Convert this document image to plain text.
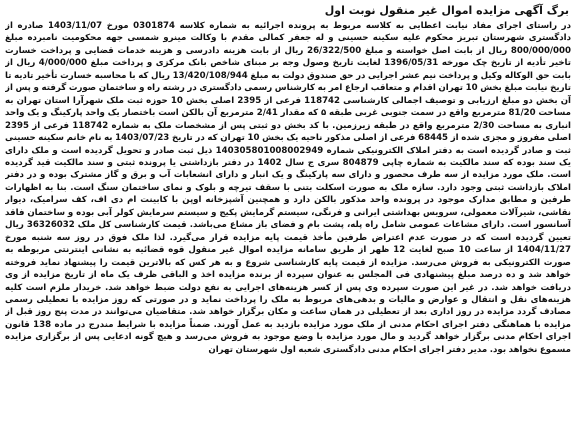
برگ آگهی مزایده اموال غیر منقول نوبت اول

در راستای اجرای مفاد نیابت اعطایی به کلاسه مربوط به پرونده اجرائیه به شماره کلاسه 0301874 مورخ 1403/11/07 صادره از دادگستری شهرستان تبریز محکوم علیه سکینه حسینی و له جعفر کمالی مقدم با وکالت مینرو شمسی جهه محکومیت نامبرده مبلغ 800/000/000 ریال از بابت اصل خواسته و مبلغ 26/322/500 ریال از بابت هزینه دادرسی و هزینه خدمات قضایی و پرداخت خسارت تاخیر تأدیه از تاریخ چک مورخه 1396/05/31 لغایت تاریخ وصول وجه بر مبنای شاخص بانک مرکزی و پرداخت مبلغ 4/000/000 ریال از بابت حق الوکاله وکیل و پرداخت نیم عشر اجرایی در حق صندوق دولت به مبلغ 13/420/108/944 ریال که با محاسبه خسارت تأخیر تادیه تا تاریخ نیابت مبلغ بخش 10 تهران اقدام و متعاقب ارجاع امر به کارشناس رسمی دادگستری در رشته راه و ساختمان صورت گرفته و پس از آن بخش دو مبلغ ارزیابی و توصیف اجمالی کارشناسی 118742 فرعی از 2395 اصلی بخش 10 حوزه ثبت ملک شهرآرا استان تهران به مساحت 81/20 مترمربع واقع در سمت جنوبی غربی طبقه ۵ که مقدار 2/41 مترمربع آن بالکن است باختصار یک واحد پارکینگ و یک واحد انباری به مساحت 2/30 مترمربع واقع در طبقه زیرزمین. با کد بخش دو ثبتی پس از مشخصات ملک به شماره 118742 فرعی از 2395 اصلی مفروز و مجزی شده از 68445 فرعی از اصلی مذکور ناحیه یک بخش 10 تهران که در تاریخ 1403/07/23 به نام خانم سکینه حسینی ثبت و صادر گردیده است به دفتر املاک الکترونیکی شماره 140305801008002949 ذیل ثبت صادر و تحویل گردیده است و ملک دارای یک سند بوده که سند مالکیت به شماره چاپی 804879 سری ج سال 1402 در دفتر بازداشتی یا پرونده ثبتی و سند مالکیت قید گردیده است. ملک مورد مزایده از سه طرف محصور و دارای سه پارکینگ و یک انبار و دارای انشعابات آب و برق و گاز مشترک بوده و در دفتر املاک بازداشت ثبتی وجود دارد. سازه ملک به صورت اسکلت بتنی با سقف تیرچه و بلوک و نمای ساختمان سنگ است. بنا به اظهارات طرفین و مطابق مدارک موجود در پرونده واحد مذکور بالکن دارد و همچنین آشپزخانه اوپن با کابینت ام دی اف، کف سرامیک، دیوار نقاشی، شیرآلات معمولی، سرویس بهداشتی ایرانی و فرنگی، سیستم گرمایش پکیج و سیستم سرمایش کولر آبی بوده و ساختمان فاقد آسانسور است. دارای مشاعات عمومی شامل راه پله، پشت بام و فضای باز مشاع می‌باشد. قیمت کارشناسی کل ملک 36326032 ریال تعیین گردیده است که در صورت عدم اعتراض طرفین مأخذ قیمت پایه مزایده قرار می‌گیرد. لذا ملک فوق در روز سه شنبه مورخ 1404/11/27 از ساعت 10 صبح لغایت 12 ظهر از طریق سامانه مزایده اموال غیر منقول قوه قضائیه به نشانی اینترنتی مربوطه به صورت الکترونیکی به فروش می‌رسد. مزایده از قیمت پایه کارشناسی شروع و به هر کس که بالاترین قیمت را پیشنهاد نماید فروخته خواهد شد و ده درصد مبلغ پیشنهادی فی المجلس به عنوان سپرده از برنده مزایده اخذ و الباقی ظرف یک ماه از تاریخ مزایده از وی دریافت خواهد شد. در غیر این صورت سپرده وی پس از کسر هزینه‌های اجرایی به نفع دولت ضبط خواهد شد. خریدار ملزم است کلیه هزینه‌های نقل و انتقال و عوارض و مالیات و بدهی‌های مربوط به ملک را پرداخت نماید و در صورتی که روز مزایده با تعطیلی رسمی مصادف گردد مزایده در روز اداری بعد از تعطیلی در همان ساعت و مکان برگزار خواهد شد. متقاضیان می‌توانند در مدت پنج روز قبل از مزایده با هماهنگی دفتر اجرای احکام مدنی از ملک مورد مزایده بازدید به عمل آورند. ضمناً مزایده با شرایط مندرج در ماده 138 قانون اجرای احکام مدنی برگزار خواهد گردید و مال مورد مزایده با وضع موجود به فروش می‌رسد و هیچ گونه ادعایی پس از برگزاری مزایده مسموع نخواهد بود. مدیر دفتر اجرای احکام مدنی دادگستری شعبه اول شهرستان تهران
